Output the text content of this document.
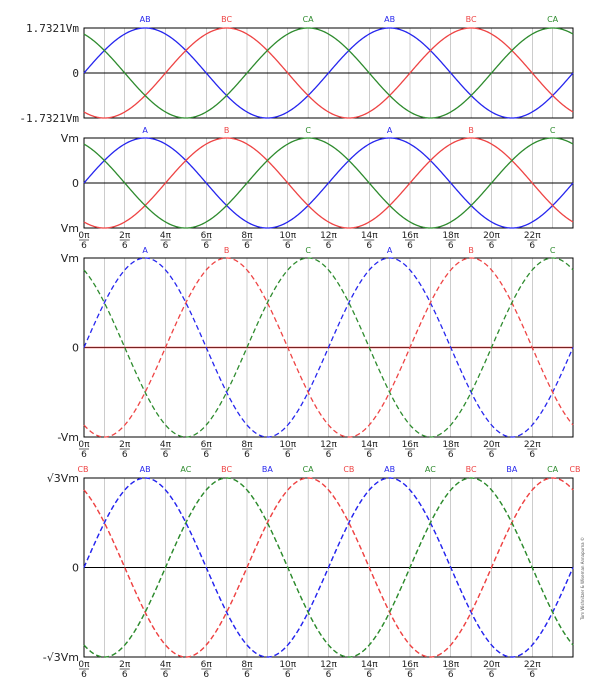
1.7321Vm
0
-1.7321Vm
AB	AB
BC	BC
CA	CA
Vm
0
Vm
0π
6
2π
6
4π
6
6π
6
8π
6
10π
6
12π
6
14π
6
16π
6
18π
6
20π
6
22π
6
A	A
B	B
C	C
Vm
0
-Vm
0π
6
2π
6
4π
6
6π
6
8π
6
10π
6
12π
6
14π
6
16π
6
18π
6
20π
6
22π
6
A	A
B	B
C	C
√3Vm
0
-√3Vm
0π
6
2π
6
4π
6
6π
6
8π
6
10π
6
12π
6
14π
6
16π
6
18π
6
20π
6
22π
6
CB	AB	AC	BC	BA	CA	CB	AB	AC	BC	BA	CA CB
Tom Wishnitzer & Wiseman Annapurna ©
